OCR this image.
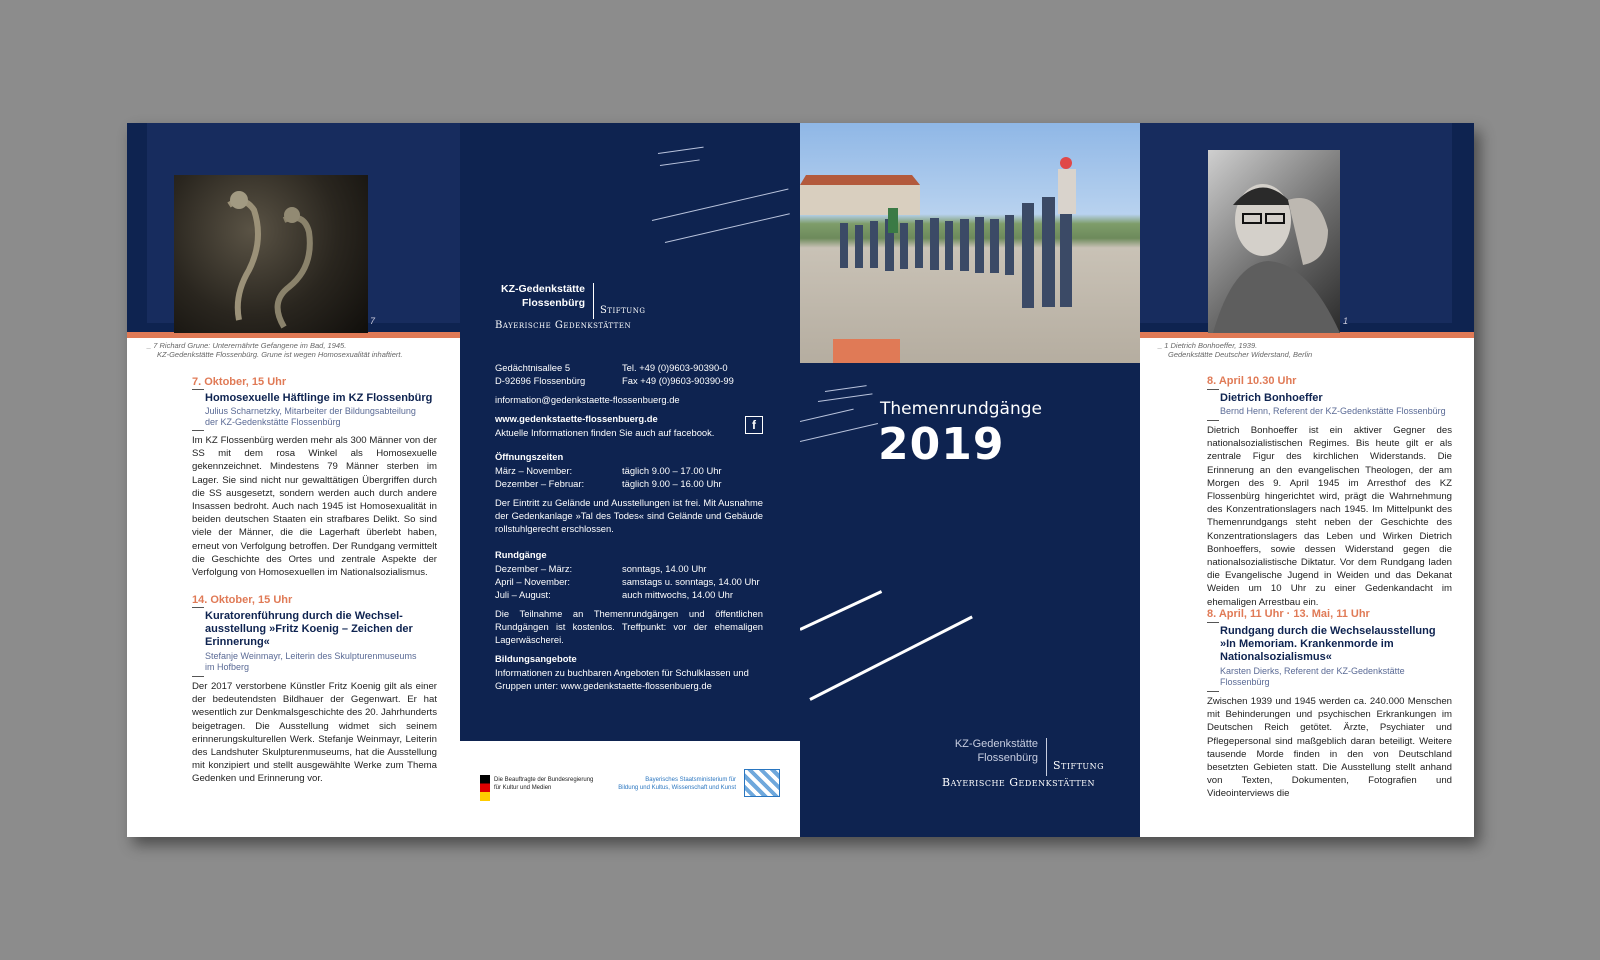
7

_ 7 Richard Grune: Unterernährte Gefangene im Bad, 1945.

KZ-Gedenkstätte Flossenbürg. Grune ist wegen Homosexualität inhaftiert.

7. Oktober, 15 Uhr

Homosexuelle Häftlinge im KZ Flossenbürg

Julius Scharnetzky, Mitarbeiter der Bildungsabteilung

der KZ-Gedenkstätte Flossenbürg

Im KZ Flossenbürg werden mehr als 300 Männer von der SS mit dem rosa Winkel als Homosexuelle gekennzeichnet. Mindestens 79 Männer sterben im Lager. Sie sind nicht nur gewalttätigen Übergriffen durch die SS ausgesetzt, sondern werden auch durch andere Insassen bedroht. Auch nach 1945 ist Homosexualität in beiden deutschen Staaten ein strafbares Delikt. So sind viele der Männer, die die Lagerhaft überlebt haben, erneut von Verfolgung betroffen. Der Rundgang vermittelt die Geschichte des Ortes und zentrale Aspekte der Verfolgung von Homosexuellen im Nationalsozialismus.

14. Oktober, 15 Uhr

Kuratorenführung durch die Wechsel-

ausstellung »Fritz Koenig – Zeichen der

Erinnerung«

Stefanje Weinmayr, Leiterin des Skulpturenmuseums

im Hofberg

Der 2017 verstorbene Künstler Fritz Koenig gilt als einer der bedeutendsten Bildhauer der Gegenwart. Er hat wesentlich zur Denkmalsgeschichte des 20. Jahrhunderts beigetragen. Die Ausstellung widmet sich seinem erinnerungskulturellen Werk. Stefanje Weinmayr, Leiterin des Landshuter Skulpturenmuseums, hat die Ausstellung mit konzipiert und stellt ausgewählte Werke zum Thema Gedenken und Erinnerung vor.

KZ-Gedenkstätte

Flossenbürg

Stiftung

Bayerische Gedenkstätten

Gedächtnisallee 5

D-92696 Flossenbürg

Tel. +49 (0)9603-90390-0

Fax +49 (0)9603-90390-99

information@gedenkstaette-flossenbuerg.de

www.gedenkstaette-flossenbuerg.de

Aktuelle Informationen finden Sie auch auf facebook.

f

Öffnungszeiten

März – November:	täglich 9.00 – 17.00 Uhr

Dezember – Februar:	täglich 9.00 – 16.00 Uhr

Der Eintritt zu Gelände und Ausstellungen ist frei. Mit Ausnahme der Gedenkanlage »Tal des Todes« sind Gelände und Gebäude rollstuhlgerecht erschlossen.

Rundgänge

Dezember – März:	sonntags, 14.00 Uhr

April – November:	samstags u. sonntags, 14.00 Uhr

Juli – August:	auch mittwochs, 14.00 Uhr

Die Teilnahme an Themenrundgängen und öffentlichen Rundgängen ist kostenlos. Treffpunkt: vor der ehemaligen Lagerwäscherei.

Bildungsangebote

Informationen zu buchbaren Angeboten für Schulklassen und Gruppen unter: www.gedenkstaette-flossenbuerg.de

Die Beauftragte der Bundesregierung

für Kultur und Medien

Bayerisches Staatsministerium für

Bildung und Kultus, Wissenschaft und Kunst

Themenrundgänge

2019

KZ-Gedenkstätte

Flossenbürg

Stiftung

Bayerische Gedenkstätten

1

_ 1 Dietrich Bonhoeffer, 1939.

Gedenkstätte Deutscher Widerstand, Berlin

8. April 10.30 Uhr

Dietrich Bonhoeffer

Bernd Henn, Referent der KZ-Gedenkstätte Flossenbürg

Dietrich Bonhoeffer ist ein aktiver Gegner des nationalsozialistischen Regimes. Bis heute gilt er als zentrale Figur des kirchlichen Widerstands. Die Erinnerung an den evangelischen Theologen, der am Morgen des 9. April 1945 im Arresthof des KZ Flossenbürg hingerichtet wird, prägt die Wahrnehmung des Konzentrationslagers nach 1945. Im Mittelpunkt des Themenrundgangs steht neben der Geschichte des Konzentrationslagers das Leben und Wirken Dietrich Bonhoeffers, sowie dessen Widerstand gegen die nationalsozialistische Diktatur. Vor dem Rundgang laden die Evangelische Jugend in Weiden und das Dekanat Weiden um 10 Uhr zu einer Gedenkandacht im ehemaligen Arrestbau ein.

8. April, 11 Uhr · 13. Mai, 11 Uhr

Rundgang durch die Wechselausstellung

»In Memoriam. Krankenmorde im

Nationalsozialismus«

Karsten Dierks, Referent der KZ-Gedenkstätte

Flossenbürg

Zwischen 1939 und 1945 werden ca. 240.000 Menschen mit Behinderungen und psychischen Erkrankungen im Deutschen Reich getötet. Ärzte, Psychiater und Pflegepersonal sind maßgeblich daran beteiligt. Weitere tausende Morde finden in den von Deutschland besetzten Gebieten statt. Die Ausstellung stellt anhand von Texten, Dokumenten, Fotografien und Videointerviews die
